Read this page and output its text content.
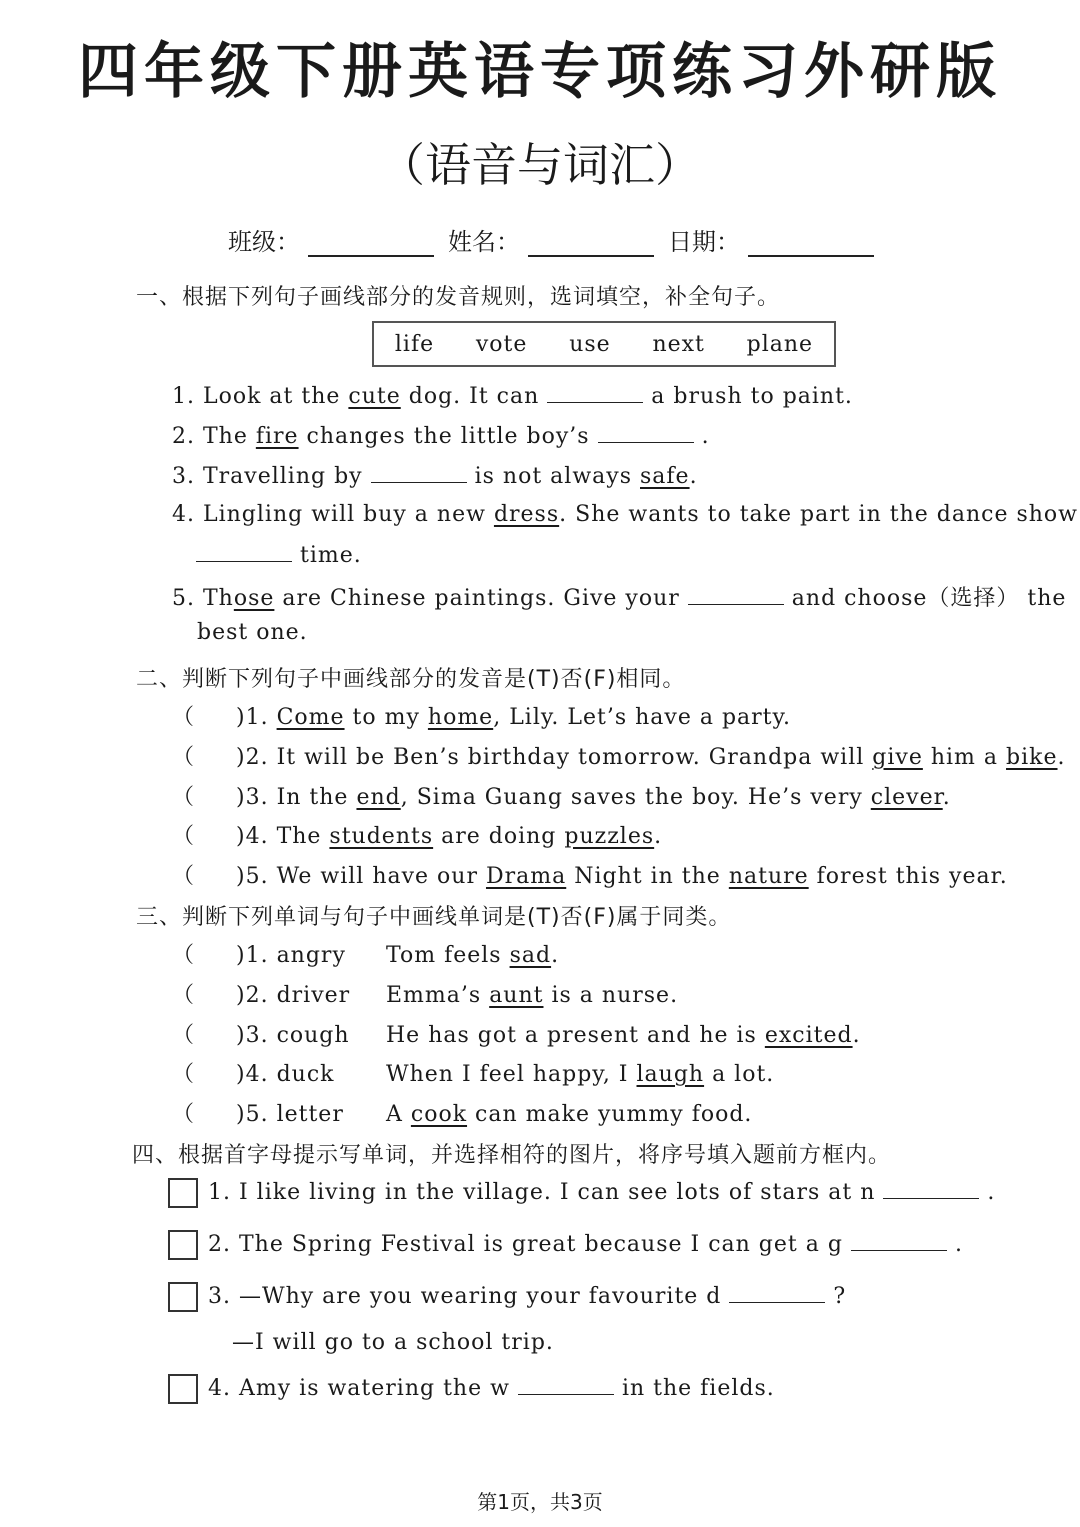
四年级下册英语专项练习外研版
（语音与词汇）
班级：	姓名：	日期：
一、根据下列句子画线部分的发音规则，选词填空，补全句子。
life vote use next plane
1. Look at the cute dog. It can	a brush to paint.
2. The fire changes the little boy’s	.
3. Travelling by	is not always safe.
4. Lingling will buy a new dress. She wants to take part in the dance show
time.
5. Those are Chinese paintings. Give your	and choose（选择） the
best one.
二、判断下列句子中画线部分的发音是(T)否(F)相同。
（ )1. Come to my home, Lily. Let’s have a party.
（ )2. It will be Ben’s birthday tomorrow. Grandpa will give him a bike.
（ )3. In the end, Sima Guang saves the boy. He’s very clever.
（ )4. The students are doing puzzles.
（ )5. We will have our Drama Night in the nature forest this year.
三、判断下列单词与句子中画线单词是(T)否(F)属于同类。
（ )1. angry Tom feels sad.
（ )2. driver Emma’s aunt is a nurse.
（ )3. cough He has got a present and he is excited.
（ )4. duck When I feel happy, I laugh a lot.
（ )5. letter A cook can make yummy food.
四、根据首字母提示写单词，并选择相符的图片，将序号填入题前方框内。
1. I like living in the village. I can see lots of stars at n	.
2. The Spring Festival is great because I can get a g	.
3. —Why are you wearing your favourite d	?
—I will go to a school trip.
4. Amy is watering the w	in the fields.
第1页，共3页
